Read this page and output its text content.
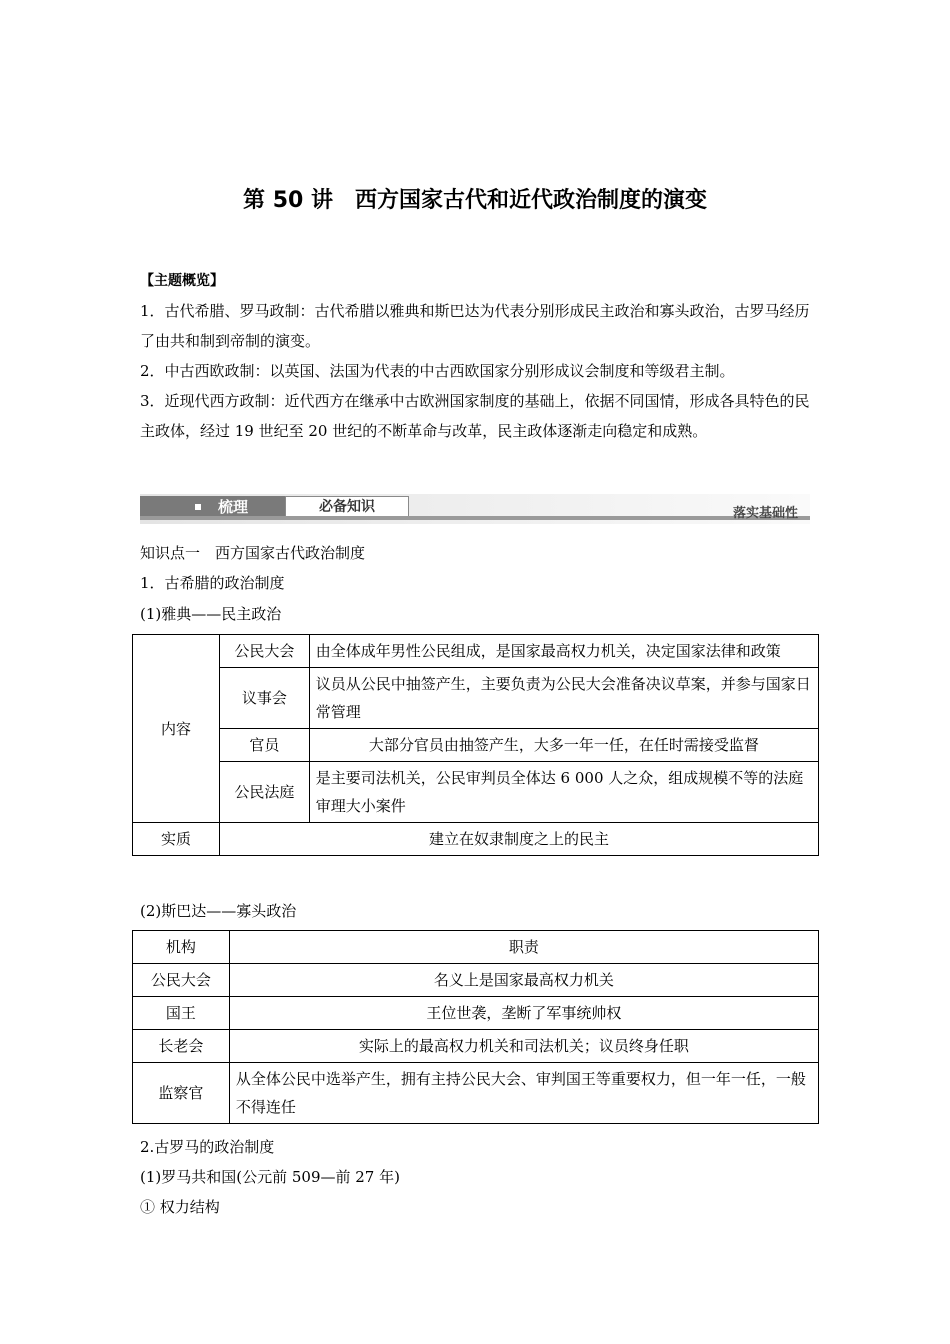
第 50 讲　西方国家古代和近代政治制度的演变
【主题概览】

1．古代希腊、罗马政制：古代希腊以雅典和斯巴达为代表分别形成民主政治和寡头政治，古罗马经历了由共和制到帝制的演变。

2．中古西欧政制：以英国、法国为代表的中古西欧国家分别形成议会制度和等级君主制。

3．近现代西方政制：近代西方在继承中古欧洲国家制度的基础上，依据不同国情，形成各具特色的民主政体，经过 19 世纪至 20 世纪的不断革命与改革，民主政体逐渐走向稳定和成熟。

梳理	必备知识	落实基础性
知识点一　西方国家古代政治制度
1．古希腊的政治制度
(1)雅典——民主政治
内容	公民大会	由全体成年男性公民组成，是国家最高权力机关，决定国家法律和政策
	议事会	议员从公民中抽签产生，主要负责为公民大会准备决议草案，并参与国家日常管理
	官员	大部分官员由抽签产生，大多一年一任，在任时需接受监督
	公民法庭	是主要司法机关，公民审判员全体达 6 000 人之众，组成规模不等的法庭审理大小案件
实质	建立在奴隶制度之上的民主	
(2)斯巴达——寡头政治
机构	职责
公民大会	名义上是国家最高权力机关
国王	王位世袭，垄断了军事统帅权
长老会	实际上的最高权力机关和司法机关；议员终身任职
监察官	从全体公民中选举产生，拥有主持公民大会、审判国王等重要权力，但一年一任，一般不得连任
2.古罗马的政治制度
(1)罗马共和国(公元前 509—前 27 年)
① 权力结构
